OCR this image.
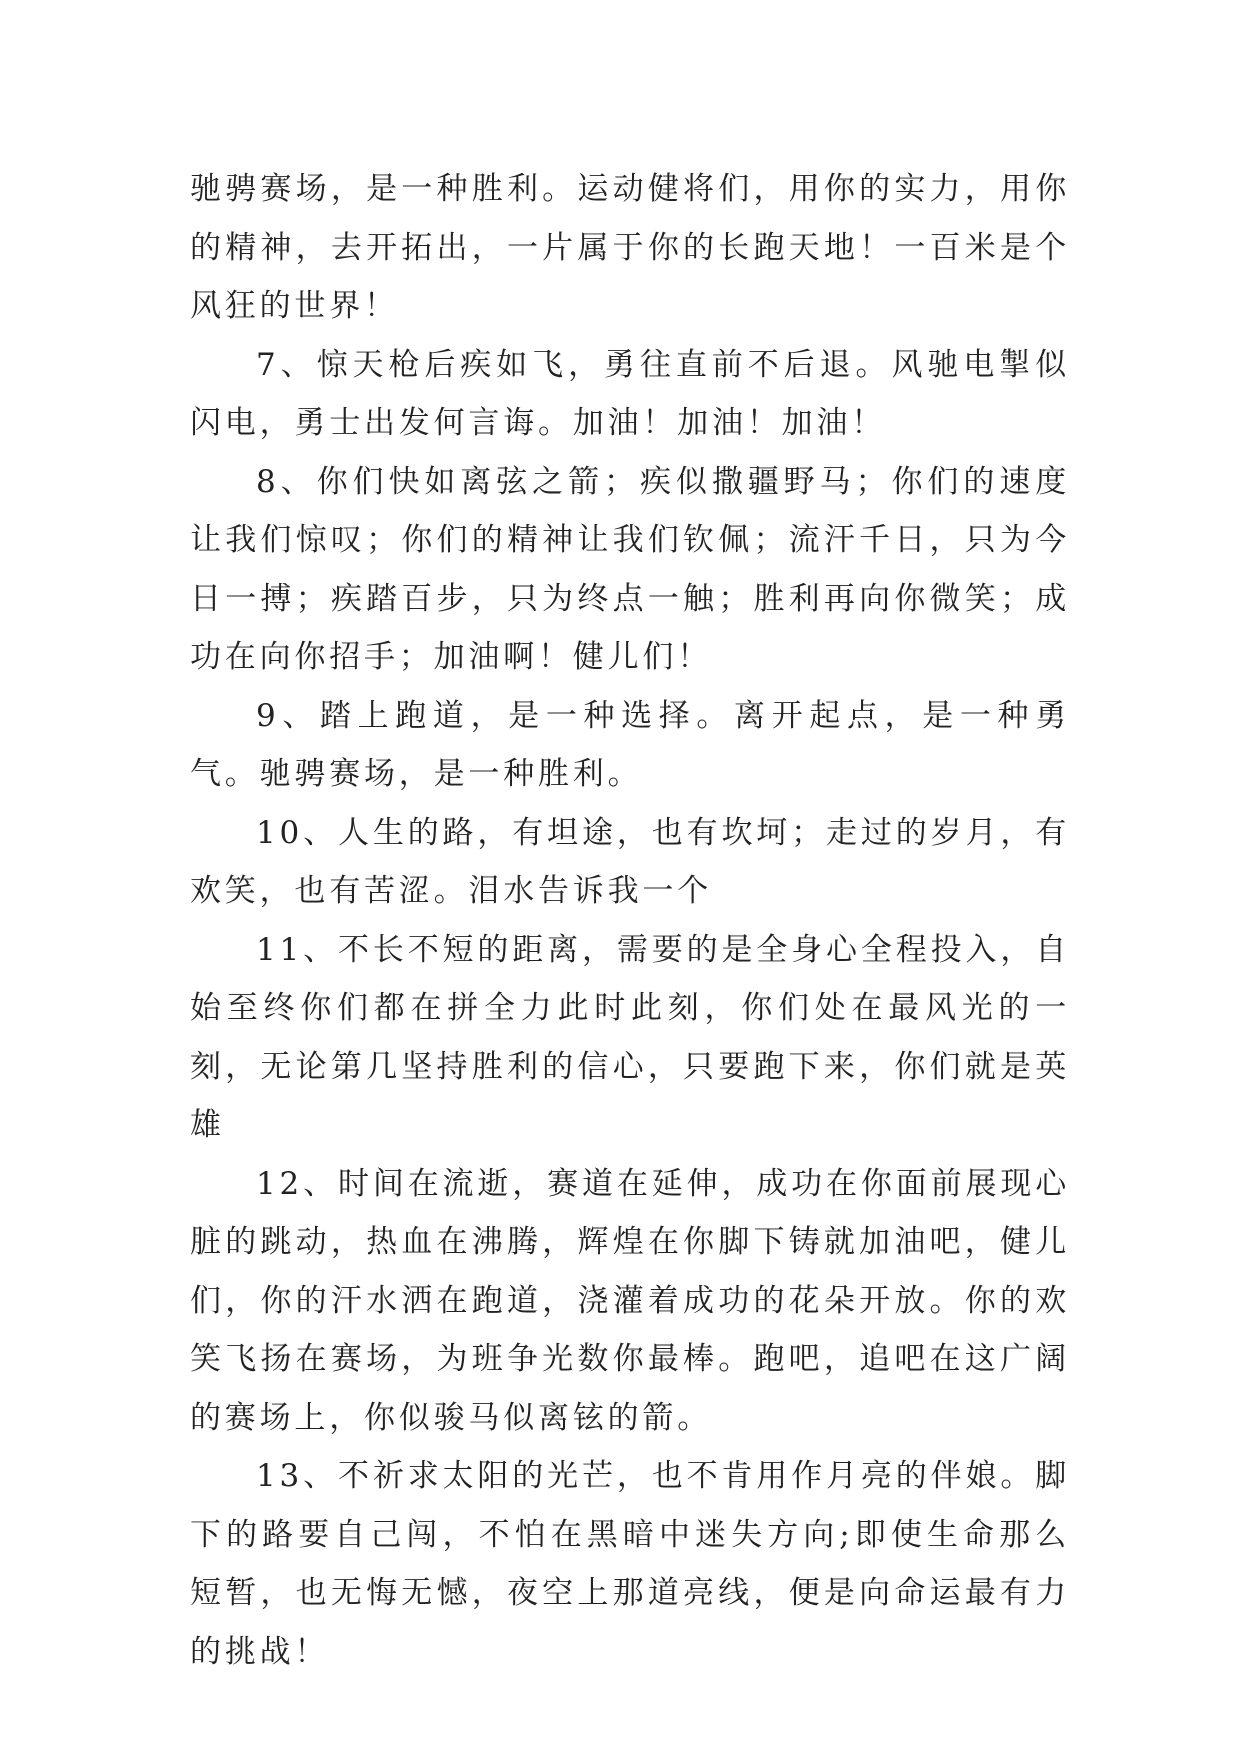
驰骋赛场，是一种胜利。运动健将们，用你的实力，用你的精神，去开拓出，一片属于你的长跑天地！一百米是个风狂的世界！

7、惊天枪后疾如飞，勇往直前不后退。风驰电掣似闪电，勇士出发何言诲。加油！加油！加油！

8、你们快如离弦之箭；疾似撒疆野马；你们的速度让我们惊叹；你们的精神让我们钦佩；流汗千日，只为今日一搏；疾踏百步，只为终点一触；胜利再向你微笑；成功在向你招手；加油啊！健儿们！

9、踏上跑道，是一种选择。离开起点，是一种勇气。驰骋赛场，是一种胜利。

10、人生的路，有坦途，也有坎坷；走过的岁月，有欢笑，也有苦涩。泪水告诉我一个

11、不长不短的距离，需要的是全身心全程投入，自始至终你们都在拼全力此时此刻，你们处在最风光的一刻，无论第几坚持胜利的信心，只要跑下来，你们就是英雄

12、时间在流逝，赛道在延伸，成功在你面前展现心脏的跳动，热血在沸腾，辉煌在你脚下铸就加油吧，健儿们，你的汗水洒在跑道，浇灌着成功的花朵开放。你的欢笑飞扬在赛场，为班争光数你最棒。跑吧，追吧在这广阔的赛场上，你似骏马似离铉的箭。

13、不祈求太阳的光芒，也不肯用作月亮的伴娘。脚下的路要自己闯，不怕在黑暗中迷失方向;即使生命那么短暂，也无悔无憾，夜空上那道亮线，便是向命运最有力的挑战！
